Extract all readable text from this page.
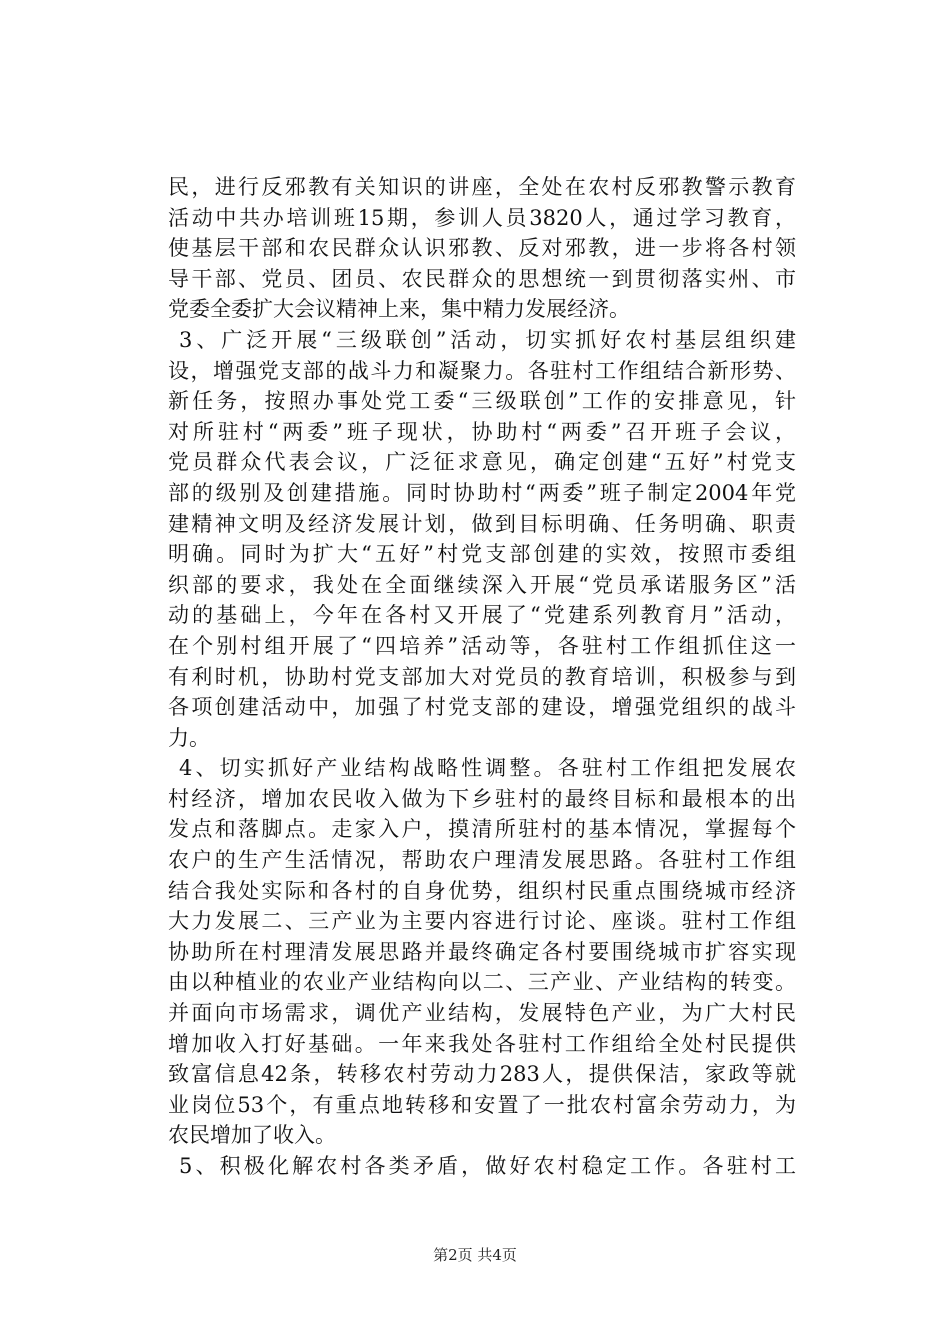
民，进行反邪教有关知识的讲座，全处在农村反邪教警示教育
活动中共办培训班15期，参训人员3820人，通过学习教育，
使基层干部和农民群众认识邪教、反对邪教，进一步将各村领
导干部、党员、团员、农民群众的思想统一到贯彻落实州、市
党委全委扩大会议精神上来，集中精力发展经济。
3、广泛开展“三级联创”活动，切实抓好农村基层组织建
设，增强党支部的战斗力和凝聚力。各驻村工作组结合新形势、
新任务，按照办事处党工委“三级联创”工作的安排意见，针
对所驻村“两委”班子现状，协助村“两委”召开班子会议，
党员群众代表会议，广泛征求意见，确定创建“五好”村党支
部的级别及创建措施。同时协助村“两委”班子制定2004年党
建精神文明及经济发展计划，做到目标明确、任务明确、职责
明确。同时为扩大“五好”村党支部创建的实效，按照市委组
织部的要求，我处在全面继续深入开展“党员承诺服务区”活
动的基础上，今年在各村又开展了“党建系列教育月”活动，
在个别村组开展了“四培养”活动等，各驻村工作组抓住这一
有利时机，协助村党支部加大对党员的教育培训，积极参与到
各项创建活动中，加强了村党支部的建设，增强党组织的战斗
力。
4、切实抓好产业结构战略性调整。各驻村工作组把发展农
村经济，增加农民收入做为下乡驻村的最终目标和最根本的出
发点和落脚点。走家入户，摸清所驻村的基本情况，掌握每个
农户的生产生活情况，帮助农户理清发展思路。各驻村工作组
结合我处实际和各村的自身优势，组织村民重点围绕城市经济
大力发展二、三产业为主要内容进行讨论、座谈。驻村工作组
协助所在村理清发展思路并最终确定各村要围绕城市扩容实现
由以种植业的农业产业结构向以二、三产业、产业结构的转变。
并面向市场需求，调优产业结构，发展特色产业，为广大村民
增加收入打好基础。一年来我处各驻村工作组给全处村民提供
致富信息42条，转移农村劳动力283人，提供保洁，家政等就
业岗位53个，有重点地转移和安置了一批农村富余劳动力，为
农民增加了收入。
5、积极化解农村各类矛盾，做好农村稳定工作。各驻村工
第2页 共4页
